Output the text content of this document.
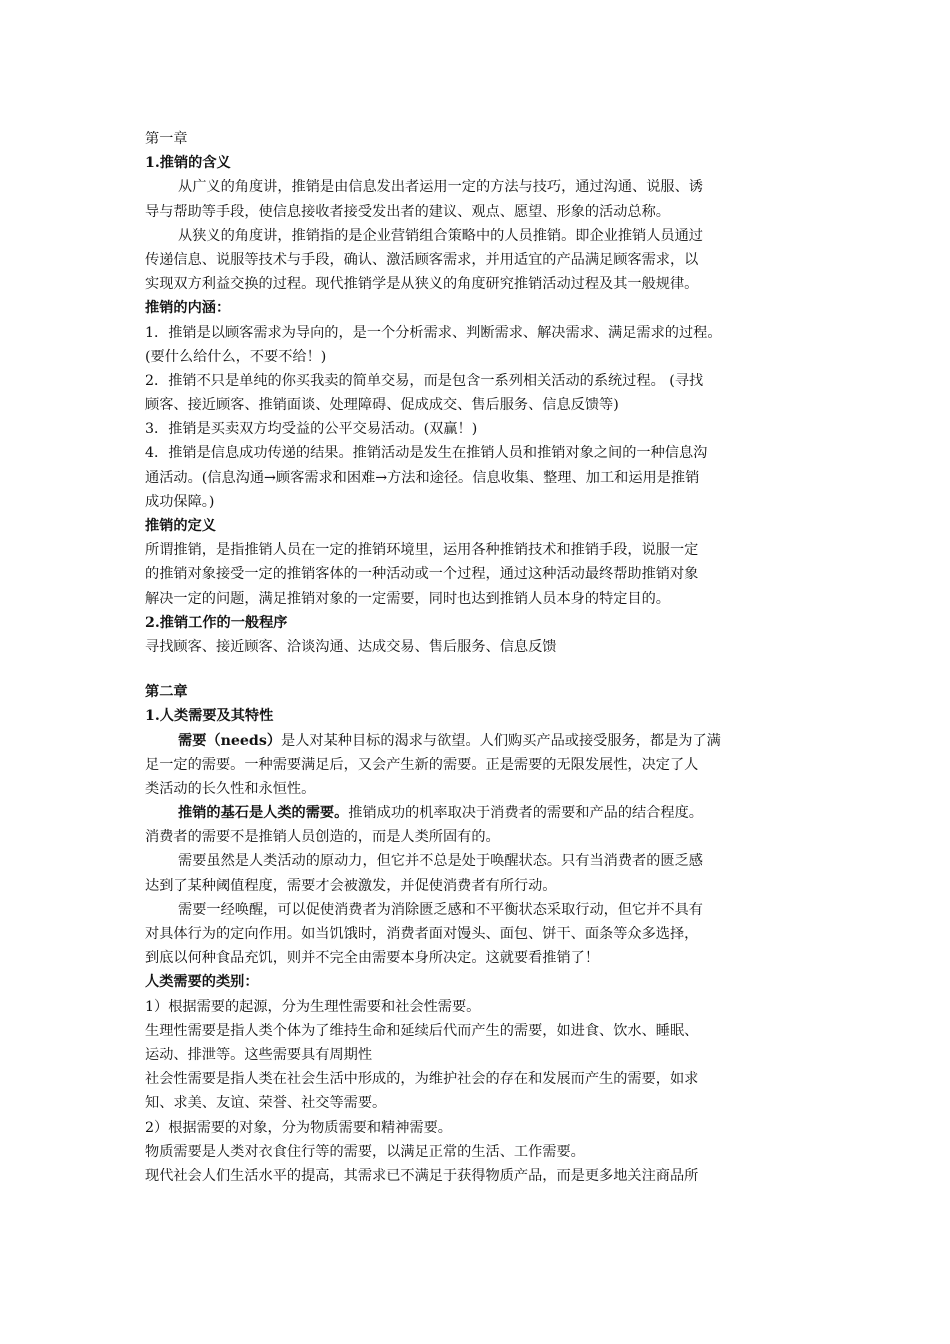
第一章
1.推销的含义
从广义的角度讲，推销是由信息发出者运用一定的方法与技巧，通过沟通、说服、诱
导与帮助等手段，使信息接收者接受发出者的建议、观点、愿望、形象的活动总称。
从狭义的角度讲，推销指的是企业营销组合策略中的人员推销。即企业推销人员通过
传递信息、说服等技术与手段，确认、激活顾客需求，并用适宜的产品满足顾客需求，以
实现双方利益交换的过程。现代推销学是从狭义的角度研究推销活动过程及其一般规律。
推销的内涵：
1．推销是以顾客需求为导向的，是一个分析需求、判断需求、解决需求、满足需求的过程。
(要什么给什么，不要不给！)
2．推销不只是单纯的你买我卖的简单交易，而是包含一系列相关活动的系统过程。 (寻找
顾客、接近顾客、推销面谈、处理障碍、促成成交、售后服务、信息反馈等)
3．推销是买卖双方均受益的公平交易活动。(双赢！)
4．推销是信息成功传递的结果。推销活动是发生在推销人员和推销对象之间的一种信息沟
通活动。(信息沟通→顾客需求和困难→方法和途径。信息收集、整理、加工和运用是推销
成功保障。)
推销的定义
所谓推销，是指推销人员在一定的推销环境里，运用各种推销技术和推销手段，说服一定
的推销对象接受一定的推销客体的一种活动或一个过程，通过这种活动最终帮助推销对象
解决一定的问题，满足推销对象的一定需要，同时也达到推销人员本身的特定目的。
2.推销工作的一般程序
寻找顾客、接近顾客、洽谈沟通、达成交易、售后服务、信息反馈
第二章
1.人类需要及其特性
需要（needs）是人对某种目标的渴求与欲望。人们购买产品或接受服务，都是为了满
足一定的需要。一种需要满足后，又会产生新的需要。正是需要的无限发展性，决定了人
类活动的长久性和永恒性。
推销的基石是人类的需要。推销成功的机率取决于消费者的需要和产品的结合程度。
消费者的需要不是推销人员创造的，而是人类所固有的。
需要虽然是人类活动的原动力，但它并不总是处于唤醒状态。只有当消费者的匮乏感
达到了某种阈值程度，需要才会被激发，并促使消费者有所行动。
需要一经唤醒，可以促使消费者为消除匮乏感和不平衡状态采取行动，但它并不具有
对具体行为的定向作用。如当饥饿时，消费者面对馒头、面包、饼干、面条等众多选择，
到底以何种食品充饥，则并不完全由需要本身所决定。这就要看推销了！
人类需要的类别：
1）根据需要的起源，分为生理性需要和社会性需要。
生理性需要是指人类个体为了维持生命和延续后代而产生的需要，如进食、饮水、睡眠、
运动、排泄等。这些需要具有周期性
社会性需要是指人类在社会生活中形成的，为维护社会的存在和发展而产生的需要，如求
知、求美、友谊、荣誉、社交等需要。
2）根据需要的对象，分为物质需要和精神需要。
物质需要是人类对衣食住行等的需要，以满足正常的生活、工作需要。
现代社会人们生活水平的提高，其需求已不满足于获得物质产品，而是更多地关注商品所
